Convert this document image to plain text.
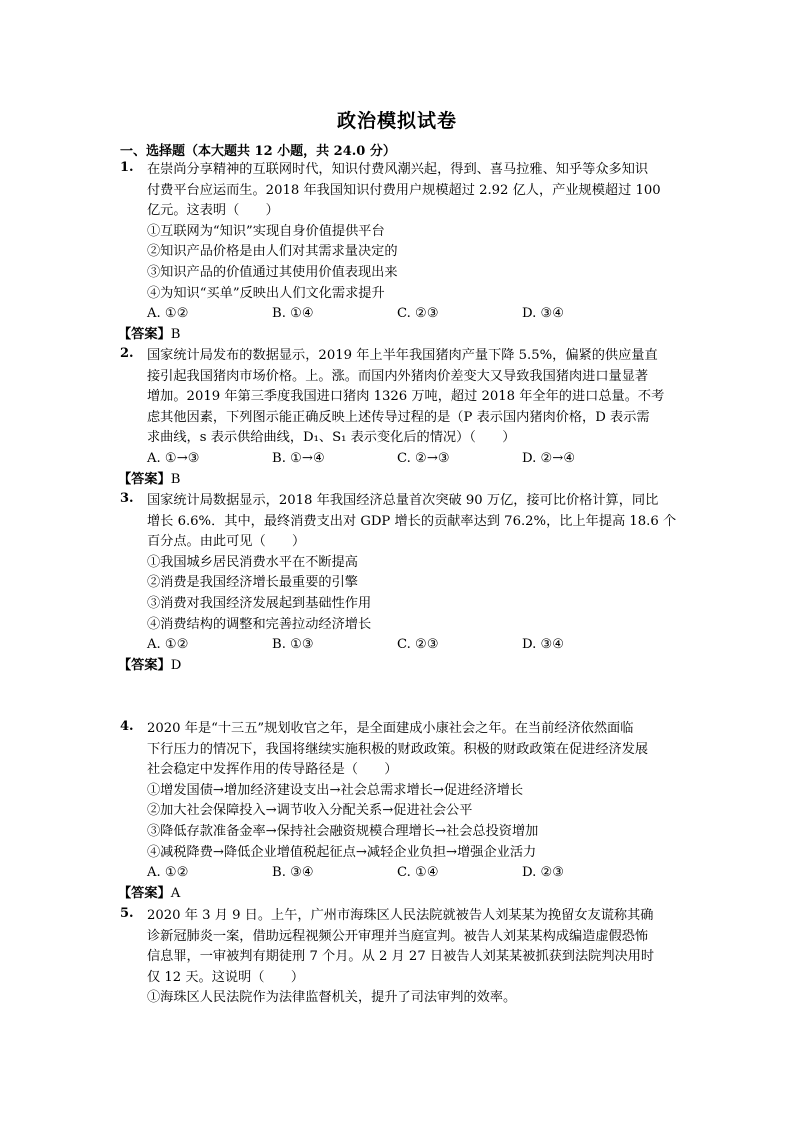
政治模拟试卷
一、选择题（本大题共 12 小题，共 24.0 分）
1. 在崇尚分享精神的互联网时代，知识付费风潮兴起，得到、喜马拉雅、知乎等众多知识
付费平台应运而生。2018 年我国知识付费用户规模超过 2.92 亿人，产业规模超过 100
亿元。这表明（　　）
①互联网为“知识”实现自身价值提供平台
②知识产品价格是由人们对其需求量决定的
③知识产品的价值通过其使用价值表现出来
④为知识“买单”反映出人们文化需求提升
A. ①②	B. ①④	C. ②③	D. ③④
【答案】B
2. 国家统计局发布的数据显示，2019 年上半年我国猪肉产量下降 5.5%，偏紧的供应量直
接引起我国猪肉市场价格。上。涨。而国内外猪肉价差变大又导致我国猪肉进口量显著
增加。2019 年第三季度我国进口猪肉 1326 万吨，超过 2018 年全年的进口总量。不考
虑其他因素，下列图示能正确反映上述传导过程的是（P 表示国内猪肉价格，D 表示需
求曲线，s 表示供给曲线，D₁、S₁ 表示变化后的情况）（　　）
A. ①→③	B. ①→④	C. ②→③	D. ②→④
【答案】B
3. 国家统计局数据显示，2018 年我国经济总量首次突破 90 万亿，接可比价格计算，同比
增长 6.6%．其中，最终消费支出对 GDP 增长的贡献率达到 76.2%，比上年提高 18.6 个
百分点。由此可见（　　）
①我国城乡居民消费水平在不断提高
②消费是我国经济增长最重要的引擎
③消费对我国经济发展起到基础性作用
④消费结构的调整和完善拉动经济增长
A. ①②	B. ①③	C. ②③	D. ③④
【答案】D
4. 2020 年是“十三五”规划收官之年，是全面建成小康社会之年。在当前经济依然面临
下行压力的情况下，我国将继续实施积极的财政政策。积极的财政政策在促进经济发展
社会稳定中发挥作用的传导路径是（　　）
①增发国债→增加经济建设支出→社会总需求增长→促进经济增长
②加大社会保障投入→调节收入分配关系→促进社会公平
③降低存款准备金率→保持社会融资规模合理增长→社会总投资增加
④减税降费→降低企业增值税起征点→减轻企业负担→增强企业活力
A. ①②	B. ③④	C. ①④	D. ②③
【答案】A
5. 2020 年 3 月 9 日。上午，广州市海珠区人民法院就被告人刘某某为挽留女友谎称其确
诊新冠肺炎一案，借助远程视频公开审理并当庭宣判。被告人刘某某构成编造虚假恐怖
信息罪，一审被判有期徒刑 7 个月。从 2 月 27 日被告人刘某某被抓获到法院判决用时
仅 12 天。这说明（　　）
①海珠区人民法院作为法律监督机关，提升了司法审判的效率。
